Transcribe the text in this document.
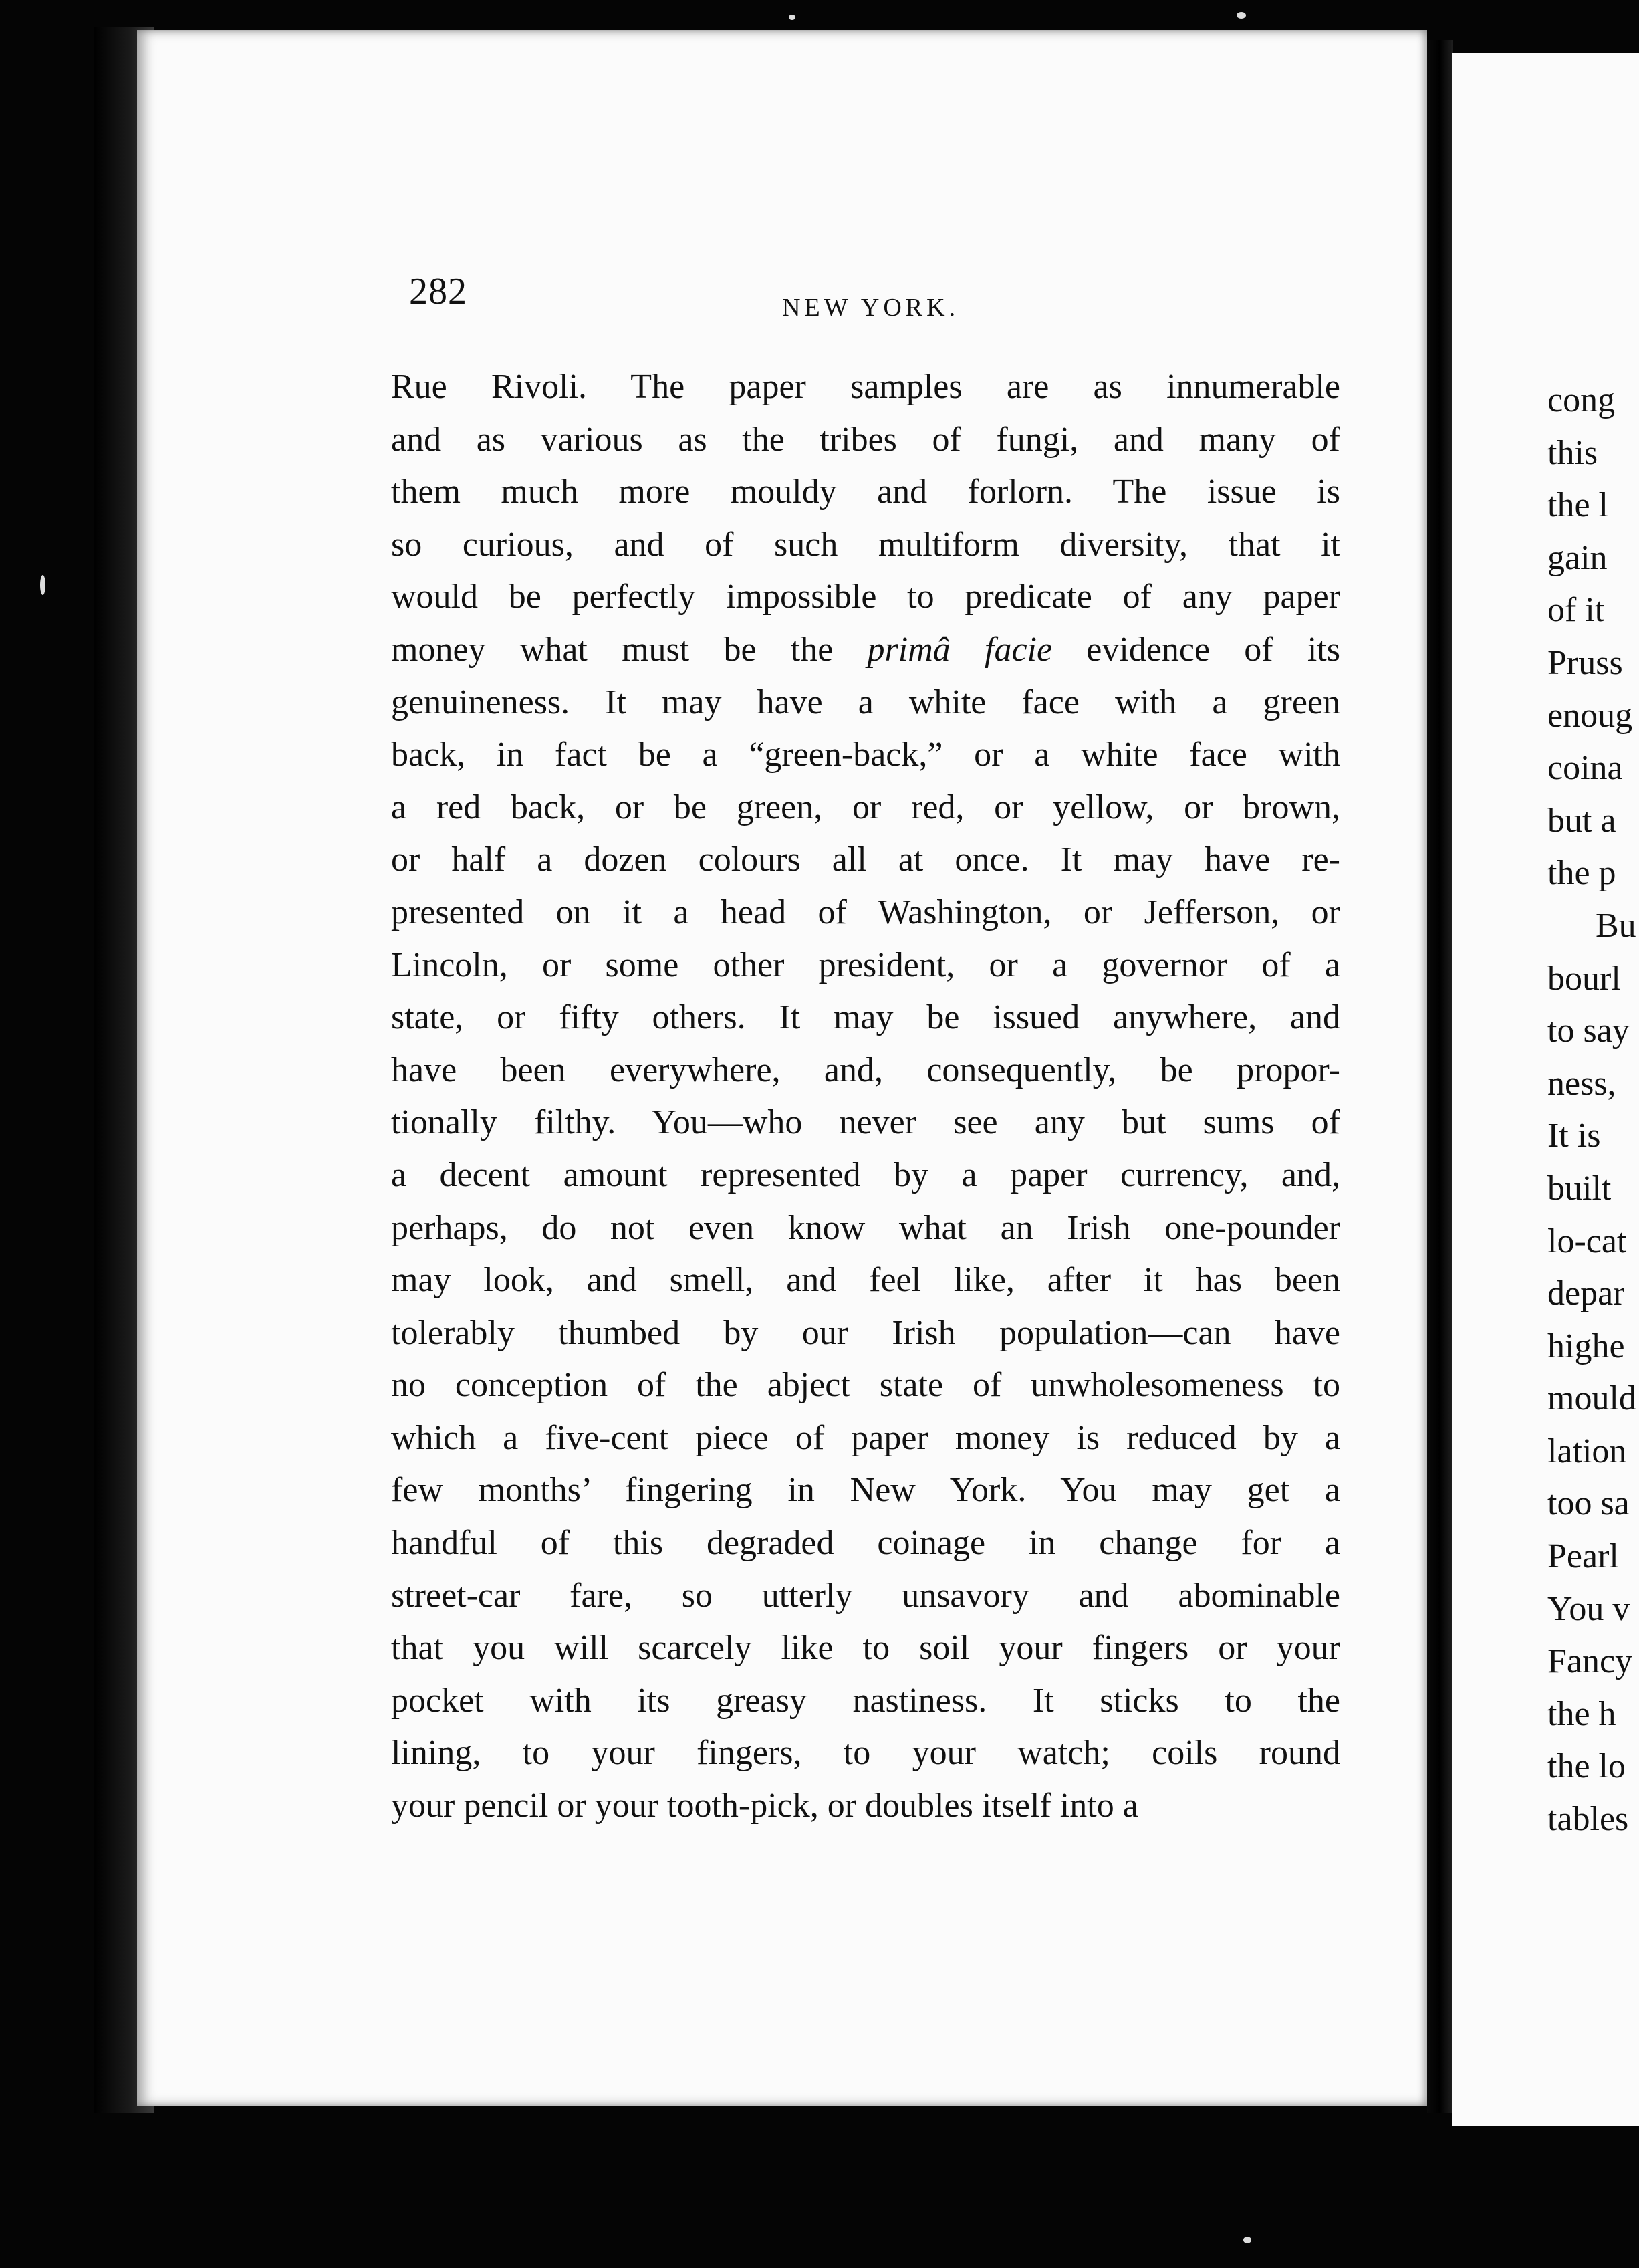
282	NEW YORK.
Rue Rivoli. The paper samples are as innumerable
and as various as the tribes of fungi, and many of
them much more mouldy and forlorn. The issue is
so curious, and of such multiform diversity, that it
would be perfectly impossible to predicate of any paper
money what must be the primâ facie evidence of its
genuineness. It may have a white face with a green
back, in fact be a “green-back,” or a white face with
a red back, or be green, or red, or yellow, or brown,
or half a dozen colours all at once. It may have re-
presented on it a head of Washington, or Jefferson, or
Lincoln, or some other president, or a governor of a
state, or fifty others. It may be issued anywhere, and
have been everywhere, and, consequently, be propor-
tionally filthy. You—who never see any but sums of
a decent amount represented by a paper currency, and,
perhaps, do not even know what an Irish one-pounder
may look, and smell, and feel like, after it has been
tolerably thumbed by our Irish population—can have
no conception of the abject state of unwholesomeness to
which a five-cent piece of paper money is reduced by a
few months’ fingering in New York. You may get a
handful of this degraded coinage in change for a
street-car fare, so utterly unsavory and abominable
that you will scarcely like to soil your fingers or your
pocket with its greasy nastiness. It sticks to the
lining, to your fingers, to your watch; coils round
your pencil or your tooth-pick, or doubles itself into a
cong
this
the l
gain
of it
Pruss
enoug
coina
but a
the p
Bu
bourl
to say
ness,
It is
built
lo-cat
depar
highe
mould
lation
too sa
Pearl
You v
Fancy
the h
the lo
tables
